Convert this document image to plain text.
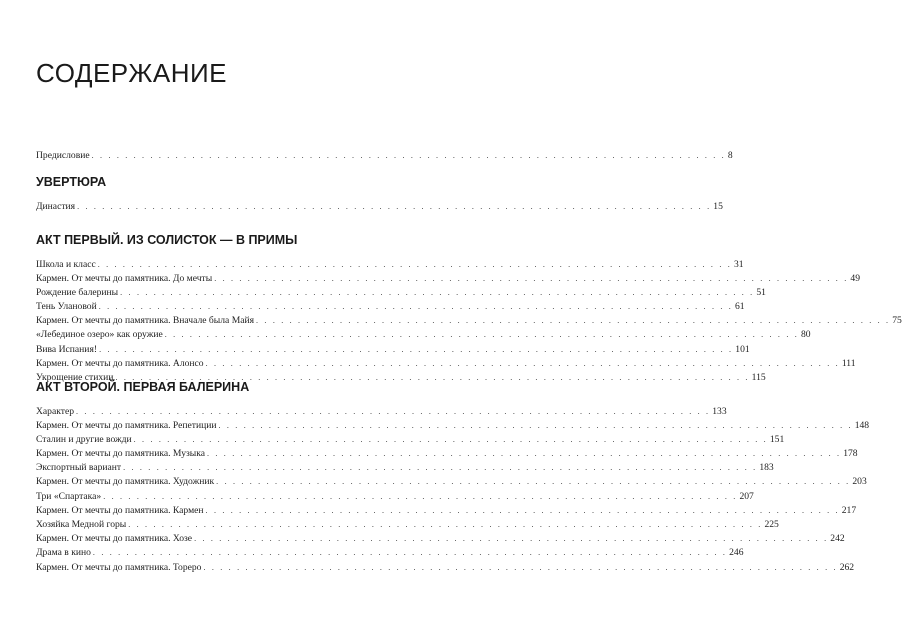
СОДЕРЖАНИЕ
Предисловие . . . . . . . . . . . . . . . . . . . . . . . . . . . . . . . . . . . . . . . . . . . . . . . . . . . . . . . . . . . . . . . . . . . . . . . . . . . . 8
УВЕРТЮРА
Династия . . . . . . . . . . . . . . . . . . . . . . . . . . . . . . . . . . . . . . . . . . . . . . . . . . . . . . . . . . . . . . . . . . . . . . . . . . . . 15
АКТ ПЕРВЫЙ. ИЗ СОЛИСТОК — В ПРИМЫ
Школа и класс . . . . . . . . . . . . . . . . . . . . . . . . . . . . . . . . . . . . . . . . . . . . . . . . . . . . . . . . . . . . . . . . . . . . . . . . . . . . 31
Кармен. От мечты до памятника. До мечты . . . . . . . . . . . . . . . . . . . . . . . . . . . . . . . . . . . . . . . . . . . . . . . . . . . . . . . . . . . . . . . . . . . . . . . . . . . . 49
Рождение балерины . . . . . . . . . . . . . . . . . . . . . . . . . . . . . . . . . . . . . . . . . . . . . . . . . . . . . . . . . . . . . . . . . . . . . . . . . . . . 51
Тень Улановой . . . . . . . . . . . . . . . . . . . . . . . . . . . . . . . . . . . . . . . . . . . . . . . . . . . . . . . . . . . . . . . . . . . . . . . . . . . . 61
Кармен. От мечты до памятника. Вначале была Майя . . . . . . . . . . . . . . . . . . . . . . . . . . . . . . . . . . . . . . . . . . . . . . . . . . . . . . . . . . . . . . . . . . . . . . . . . . . . 75
«Лебединое озеро» как оружие . . . . . . . . . . . . . . . . . . . . . . . . . . . . . . . . . . . . . . . . . . . . . . . . . . . . . . . . . . . . . . . . . . . . . . . . . . . . 80
Вива Испания! . . . . . . . . . . . . . . . . . . . . . . . . . . . . . . . . . . . . . . . . . . . . . . . . . . . . . . . . . . . . . . . . . . . . . . . . . . . . 101
Кармен. От мечты до памятника. Алонсо . . . . . . . . . . . . . . . . . . . . . . . . . . . . . . . . . . . . . . . . . . . . . . . . . . . . . . . . . . . . . . . . . . . . . . . . . . . . 111
Укрощение стихии . . . . . . . . . . . . . . . . . . . . . . . . . . . . . . . . . . . . . . . . . . . . . . . . . . . . . . . . . . . . . . . . . . . . . . . . . . . . 115
АКТ ВТОРОЙ. ПЕРВАЯ БАЛЕРИНА
Характер . . . . . . . . . . . . . . . . . . . . . . . . . . . . . . . . . . . . . . . . . . . . . . . . . . . . . . . . . . . . . . . . . . . . . . . . . . . . 133
Кармен. От мечты до памятника. Репетиции . . . . . . . . . . . . . . . . . . . . . . . . . . . . . . . . . . . . . . . . . . . . . . . . . . . . . . . . . . . . . . . . . . . . . . . . . . . . 148
Сталин и другие вожди . . . . . . . . . . . . . . . . . . . . . . . . . . . . . . . . . . . . . . . . . . . . . . . . . . . . . . . . . . . . . . . . . . . . . . . . . . . . 151
Кармен. От мечты до памятника. Музыка . . . . . . . . . . . . . . . . . . . . . . . . . . . . . . . . . . . . . . . . . . . . . . . . . . . . . . . . . . . . . . . . . . . . . . . . . . . . 178
Экспортный вариант . . . . . . . . . . . . . . . . . . . . . . . . . . . . . . . . . . . . . . . . . . . . . . . . . . . . . . . . . . . . . . . . . . . . . . . . . . . . 183
Кармен. От мечты до памятника. Художник . . . . . . . . . . . . . . . . . . . . . . . . . . . . . . . . . . . . . . . . . . . . . . . . . . . . . . . . . . . . . . . . . . . . . . . . . . . . 203
Три «Спартака» . . . . . . . . . . . . . . . . . . . . . . . . . . . . . . . . . . . . . . . . . . . . . . . . . . . . . . . . . . . . . . . . . . . . . . . . . . . . 207
Кармен. От мечты до памятника. Кармен . . . . . . . . . . . . . . . . . . . . . . . . . . . . . . . . . . . . . . . . . . . . . . . . . . . . . . . . . . . . . . . . . . . . . . . . . . . . 217
Хозяйка Медной горы . . . . . . . . . . . . . . . . . . . . . . . . . . . . . . . . . . . . . . . . . . . . . . . . . . . . . . . . . . . . . . . . . . . . . . . . . . . . 225
Кармен. От мечты до памятника. Хозе . . . . . . . . . . . . . . . . . . . . . . . . . . . . . . . . . . . . . . . . . . . . . . . . . . . . . . . . . . . . . . . . . . . . . . . . . . . . 242
Драма в кино . . . . . . . . . . . . . . . . . . . . . . . . . . . . . . . . . . . . . . . . . . . . . . . . . . . . . . . . . . . . . . . . . . . . . . . . . . . . 246
Кармен. От мечты до памятника. Тореро . . . . . . . . . . . . . . . . . . . . . . . . . . . . . . . . . . . . . . . . . . . . . . . . . . . . . . . . . . . . . . . . . . . . . . . . . . . . 262
